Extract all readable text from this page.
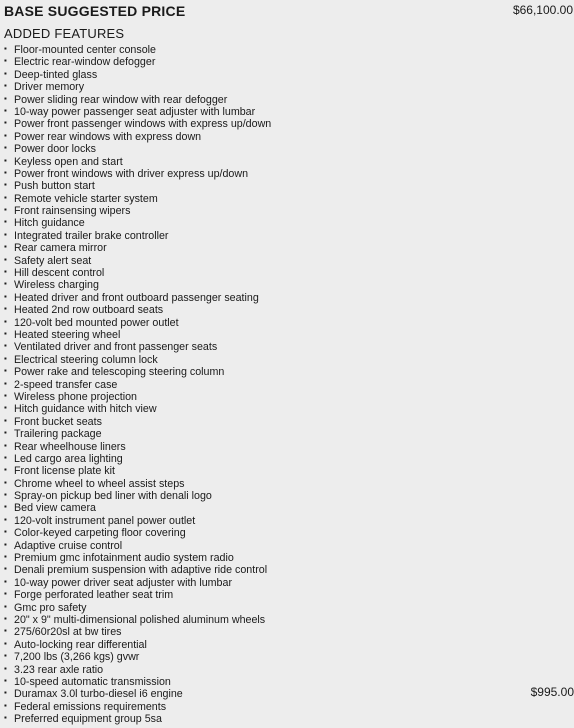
BASE SUGGESTED PRICE	$66,100.00
ADDED FEATURES
▪ Floor-mounted center console
▪ Electric rear-window defogger
▪ Deep-tinted glass
▪ Driver memory
▪ Power sliding rear window with rear defogger
▪ 10-way power passenger seat adjuster with lumbar
▪ Power front passenger windows with express up/down
▪ Power rear windows with express down
▪ Power door locks
▪ Keyless open and start
▪ Power front windows with driver express up/down
▪ Push button start
▪ Remote vehicle starter system
▪ Front rainsensing wipers
▪ Hitch guidance
▪ Integrated trailer brake controller
▪ Rear camera mirror
▪ Safety alert seat
▪ Hill descent control
▪ Wireless charging
▪ Heated driver and front outboard passenger seating
▪ Heated 2nd row outboard seats
▪ 120-volt bed mounted power outlet
▪ Heated steering wheel
▪ Ventilated driver and front passenger seats
▪ Electrical steering column lock
▪ Power rake and telescoping steering column
▪ 2-speed transfer case
▪ Wireless phone projection
▪ Hitch guidance with hitch view
▪ Front bucket seats
▪ Trailering package
▪ Rear wheelhouse liners
▪ Led cargo area lighting
▪ Front license plate kit
▪ Chrome wheel to wheel assist steps
▪ Spray-on pickup bed liner with denali logo
▪ Bed view camera
▪ 120-volt instrument panel power outlet
▪ Color-keyed carpeting floor covering
▪ Adaptive cruise control
▪ Premium gmc infotainment audio system radio
▪ Denali premium suspension with adaptive ride control
▪ 10-way power driver seat adjuster with lumbar
▪ Forge perforated leather seat trim
▪ Gmc pro safety
▪ 20" x 9" multi-dimensional polished aluminum wheels
▪ 275/60r20sl at bw tires
▪ Auto-locking rear differential
▪ 7,200 lbs (3,266 kgs) gvwr
▪ 3.23 rear axle ratio
▪ 10-speed automatic transmission
▪ Duramax 3.0l turbo-diesel i6 engine	$995.00
▪ Federal emissions requirements
▪ Preferred equipment group 5sa
